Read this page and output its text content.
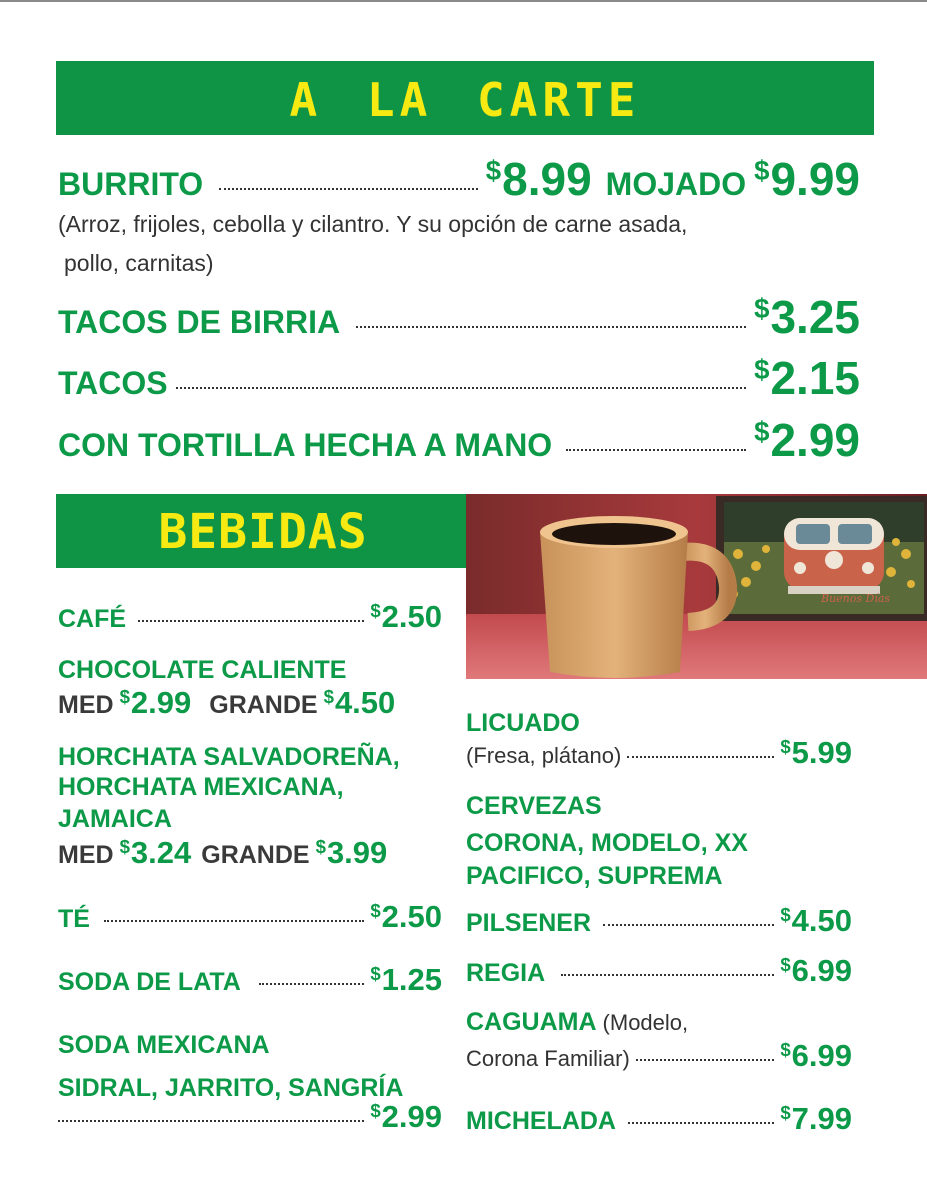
A LA CARTE
BURRITO	$8.99 MOJADO $9.99
(Arroz, frijoles, cebolla y cilantro. Y su opción de carne asada,
pollo, carnitas)
TACOS DE BIRRIA	$3.25
TACOS	$2.15
CON TORTILLA HECHA A MANO	$2.99
BEBIDAS
Buenos Días
CAFÉ	$2.50
CHOCOLATE CALIENTE
MED $2.99 GRANDE $4.50
HORCHATA SALVADOREÑA,
HORCHATA MEXICANA,
JAMAICA
MED $3.24 GRANDE $3.99
TÉ	$2.50
SODA DE LATA	$1.25
SODA MEXICANA
SIDRAL, JARRITO, SANGRÍA
$2.99
LICUADO
(Fresa, plátano)	$5.99
CERVEZAS
CORONA, MODELO, XX
PACIFICO, SUPREMA
PILSENER	$4.50
REGIA	$6.99
CAGUAMA (Modelo,
Corona Familiar)	$6.99
MICHELADA	$7.99
